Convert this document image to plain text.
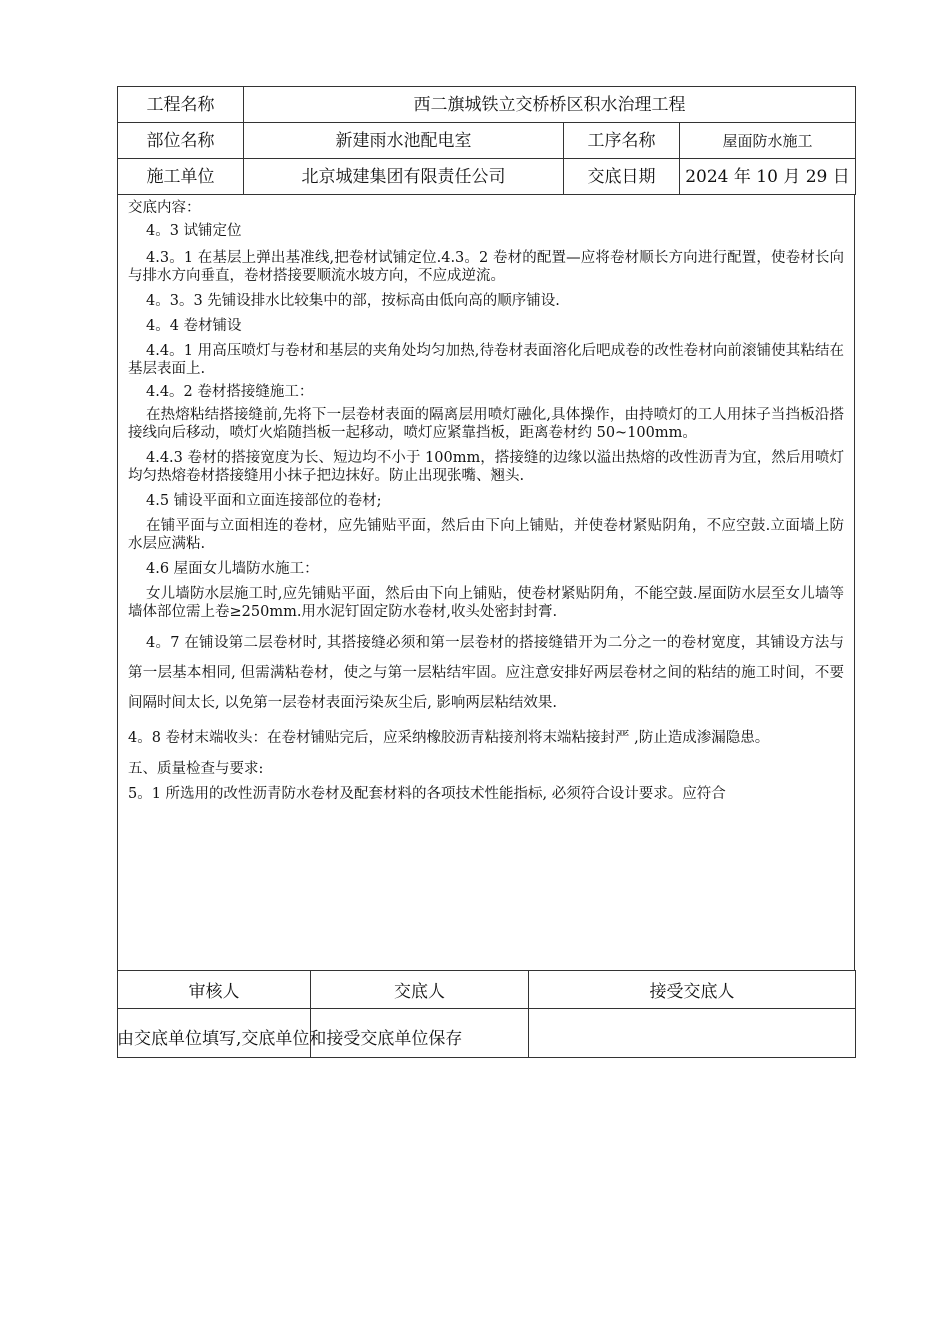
工程名称	西二旗城铁立交桥桥区积水治理工程		
部位名称	新建雨水池配电室	工序名称	屋面防水施工
施工单位	北京城建集团有限责任公司	交底日期	2024 年 10 月 29 日

交底内容：

4。3 试铺定位

4.3。1 在基层上弹出基准线,把卷材试铺定位.4.3。2 卷材的配置—应将卷材顺长方向进行配置，使卷材长向与排水方向垂直，卷材搭接要顺流水坡方向，不应成逆流。

4。3。3 先铺设排水比较集中的部，按标高由低向高的顺序铺设.

4。4 卷材铺设

4.4。1 用高压喷灯与卷材和基层的夹角处均匀加热,待卷材表面溶化后吧成卷的改性卷材向前滚铺使其粘结在基层表面上.

4.4。2 卷材搭接缝施工：

在热熔粘结搭接缝前,先将下一层卷材表面的隔离层用喷灯融化,具体操作，由持喷灯的工人用抹子当挡板沿搭接线向后移动，喷灯火焰随挡板一起移动，喷灯应紧靠挡板，距离卷材约 50~100mm。

4.4.3 卷材的搭接宽度为长、短边均不小于 100mm，搭接缝的边缘以溢出热熔的改性沥青为宜，然后用喷灯均匀热熔卷材搭接缝用小抹子把边抹好。防止出现张嘴、翘头.

4.5 铺设平面和立面连接部位的卷材;

在铺平面与立面相连的卷材，应先铺贴平面，然后由下向上铺贴，并使卷材紧贴阴角，不应空鼓.立面墙上防水层应满粘.

4.6 屋面女儿墙防水施工：

女儿墙防水层施工时,应先铺贴平面，然后由下向上铺贴，使卷材紧贴阴角，不能空鼓.屋面防水层至女儿墙等墙体部位需上卷≥250mm.用水泥钉固定防水卷材,收头处密封封膏.

4。7 在铺设第二层卷材时, 其搭接缝必须和第一层卷材的搭接缝错开为二分之一的卷材宽度，其铺设方法与第一层基本相同, 但需满粘卷材，使之与第一层粘结牢固。应注意安排好两层卷材之间的粘结的施工时间，不要间隔时间太长, 以免第一层卷材表面污染灰尘后, 影响两层粘结效果.

4。8 卷材末端收头：在卷材铺贴完后，应采纳橡胶沥青粘接剂将末端粘接封严 ,防止造成渗漏隐患。

五、质量检查与要求:

5。1 所选用的改性沥青防水卷材及配套材料的各项技术性能指标, 必须符合设计要求。应符合

审核人	交底人	接受交底人

由交底单位填写,交底单位和接受交底单位保存
